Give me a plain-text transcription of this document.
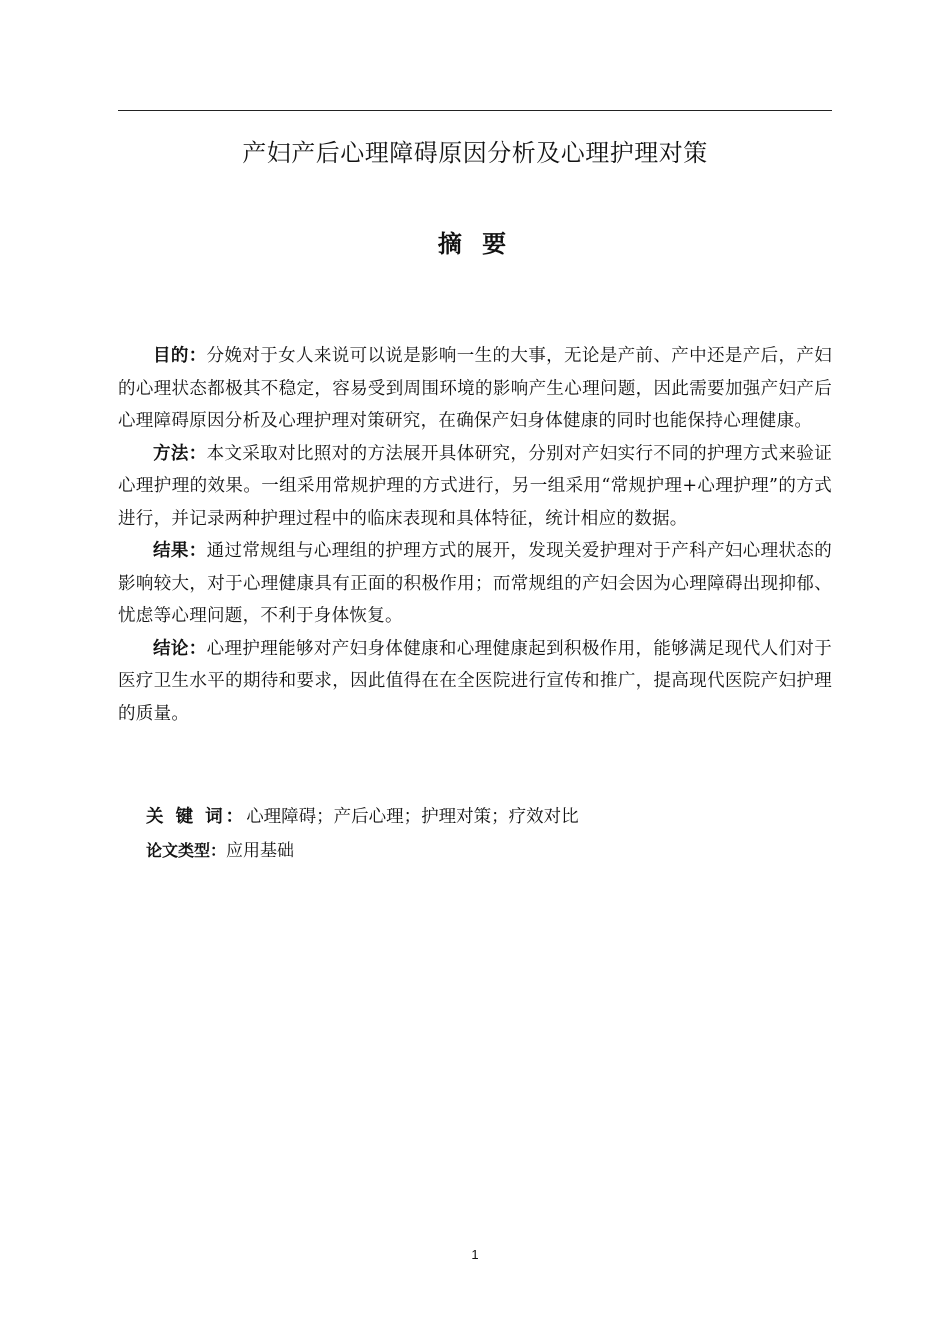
产妇产后心理障碍原因分析及心理护理对策
摘 要

目的：分娩对于女人来说可以说是影响一生的大事，无论是产前、产中还是产后，产妇的心理状态都极其不稳定，容易受到周围环境的影响产生心理问题，因此需要加强产妇产后心理障碍原因分析及心理护理对策研究，在确保产妇身体健康的同时也能保持心理健康。

方法：本文采取对比照对的方法展开具体研究，分别对产妇实行不同的护理方式来验证心理护理的效果。一组采用常规护理的方式进行，另一组采用“常规护理+心理护理”的方式进行，并记录两种护理过程中的临床表现和具体特征，统计相应的数据。

结果：通过常规组与心理组的护理方式的展开，发现关爱护理对于产科产妇心理状态的影响较大，对于心理健康具有正面的积极作用；而常规组的产妇会因为心理障碍出现抑郁、忧虑等心理问题，不利于身体恢复。

结论：心理护理能够对产妇身体健康和心理健康起到积极作用，能够满足现代人们对于医疗卫生水平的期待和要求，因此值得在在全医院进行宣传和推广，提高现代医院产妇护理的质量。

关 键 词：心理障碍；产后心理；护理对策；疗效对比
论文类型：应用基础
1
